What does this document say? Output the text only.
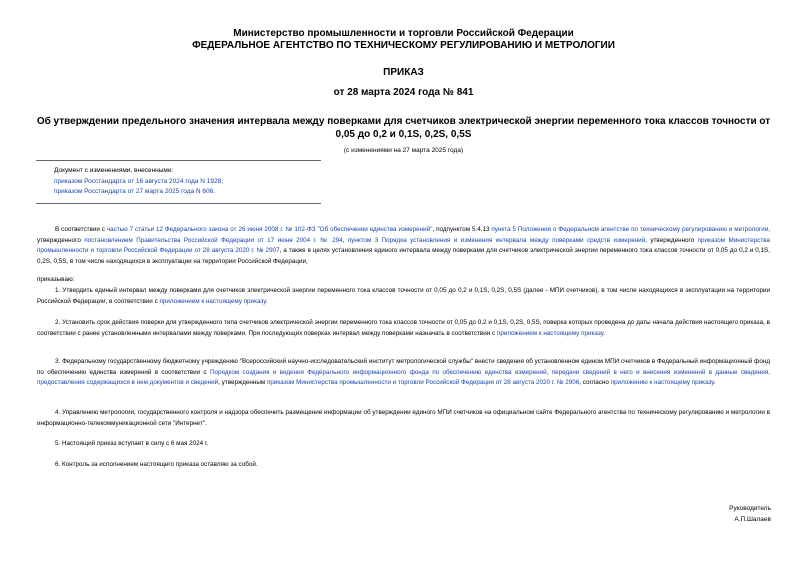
Министерство промышленности и торговли Российской Федерации
ФЕДЕРАЛЬНОЕ АГЕНТСТВО ПО ТЕХНИЧЕСКОМУ РЕГУЛИРОВАНИЮ И МЕТРОЛОГИИ
ПРИКАЗ
от 28 марта 2024 года № 841
Об утверждении предельного значения интервала между поверками для счетчиков электрической энергии переменного тока классов точности от 0,05 до 0,2 и 0,1S, 0,2S, 0,5S
(с изменениями на 27 марта 2025 года)
Документ с изменениями, внесенными:
приказом Росстандарта от 16 августа 2024 года N 1928;
приказом Росстандарта от 27 марта 2025 года N 606.
В соответствии с частью 7 статьи 12 Федерального закона от 26 июня 2008 г. № 102-ФЗ "Об обеспечении единства измерений", подпунктом 5.4.13 пункта 5 Положения о Федеральном агентстве по техническому регулированию и метрологии, утвержденного постановлением Правительства Российской Федерации от 17 июня 2004 г. № 294, пунктом 3 Порядка установления и изменения интервала между поверками средств измерений, утвержденного приказом Министерства промышленности и торговли Российской Федерации от 28 августа 2020 г. № 2907, а также в целях установления единого интервала между поверками для счетчиков электрической энергии переменного тока классов точности от 0,05 до 0,2 и 0,1S, 0,2S, 0,5S, в том числе находящихся в эксплуатации на территории Российской Федерации,
приказываю:
1. Утвердить единый интервал между поверками для счетчиков электрической энергии переменного тока классов точности от 0,05 до 0,2 и 0,1S, 0,2S, 0,5S (далее - МПИ счетчиков), в том числе находящихся в эксплуатации на территории Российской Федерации, в соответствии с приложением к настоящему приказу.
2. Установить срок действия поверки для утвержденного типа счетчиков электрической энергии переменного тока классов точности от 0,05 до 0,2 и 0,1S, 0,2S, 0,5S, поверка которых проведена до даты начала действия настоящего приказа, в соответствии с ранее установленными интервалами между поверками. При последующих поверках интервал между поверками назначать в соответствии с приложением к настоящему приказу.
3. Федеральному государственному бюджетному учреждению "Всероссийский научно-исследовательский институт метрологической службы" внести сведения об установленном едином МПИ счетчиков в Федеральный информационный фонд по обеспечению единства измерений в соответствии с Порядком создания и ведения Федерального информационного фонда по обеспечению единства измерений, передачи сведений в него и внесения изменений в данные сведения, предоставления содержащихся в нем документов и сведений, утвержденным приказом Министерства промышленности и торговли Российской Федерации от 28 августа 2020 г. № 2906, согласно приложению к настоящему приказу.
4. Управлению метрологии, государственного контроля и надзора обеспечить размещение информации об утверждении единого МПИ счетчиков на официальном сайте Федерального агентства по техническому регулированию и метрологии в информационно-телекоммуникационной сети "Интернет".
5. Настоящий приказ вступает в силу с 6 мая 2024 г.
6. Контроль за исполнением настоящего приказа оставляю за собой.
Руководитель
А.П.Шалаев
